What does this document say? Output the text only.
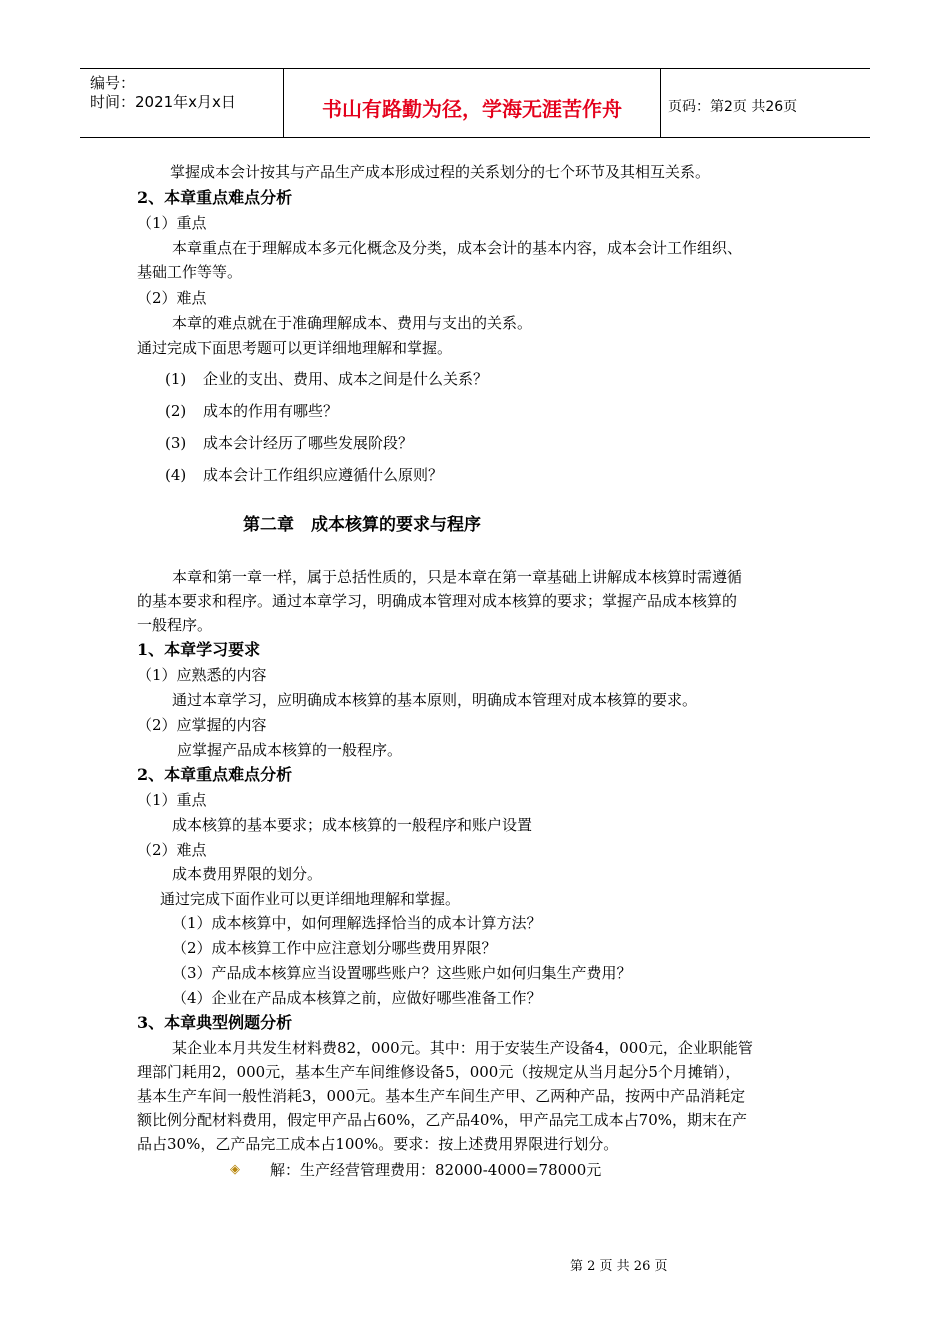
编号：
时间：2021年x月x日	书山有路勤为径，学海无涯苦作舟	页码：第2页 共26页
掌握成本会计按其与产品生产成本形成过程的关系划分的七个环节及其相互关系。
2、本章重点难点分析
（1）重点
本章重点在于理解成本多元化概念及分类，成本会计的基本内容，成本会计工作组织、
基础工作等等。
（2）难点
本章的难点就在于准确理解成本、费用与支出的关系。
通过完成下面思考题可以更详细地理解和掌握。
(1) 企业的支出、费用、成本之间是什么关系？
(2) 成本的作用有哪些？
(3) 成本会计经历了哪些发展阶段？
(4) 成本会计工作组织应遵循什么原则？
第二章　成本核算的要求与程序
本章和第一章一样，属于总括性质的，只是本章在第一章基础上讲解成本核算时需遵循
的基本要求和程序。通过本章学习，明确成本管理对成本核算的要求；掌握产品成本核算的
一般程序。
1、本章学习要求
（1）应熟悉的内容
通过本章学习，应明确成本核算的基本原则，明确成本管理对成本核算的要求。
（2）应掌握的内容
应掌握产品成本核算的一般程序。
2、本章重点难点分析
（1）重点
成本核算的基本要求；成本核算的一般程序和账户设置
（2）难点
成本费用界限的划分。
通过完成下面作业可以更详细地理解和掌握。
（1）成本核算中，如何理解选择恰当的成本计算方法？
（2）成本核算工作中应注意划分哪些费用界限？
（3）产品成本核算应当设置哪些账户？这些账户如何归集生产费用？
（4）企业在产品成本核算之前，应做好哪些准备工作？
3、本章典型例题分析
某企业本月共发生材料费82，000元。其中：用于安装生产设备4，000元，企业职能管
理部门耗用2，000元，基本生产车间维修设备5，000元（按规定从当月起分5个月摊销），
基本生产车间一般性消耗3，000元。基本生产车间生产甲、乙两种产品，按两中产品消耗定
额比例分配材料费用，假定甲产品占60%，乙产品40%，甲产品完工成本占70%，期末在产
品占30%，乙产品完工成本占100%。要求：按上述费用界限进行划分。
◈ 解：生产经营管理费用：82000-4000=78000元
第 2 页 共 26 页
